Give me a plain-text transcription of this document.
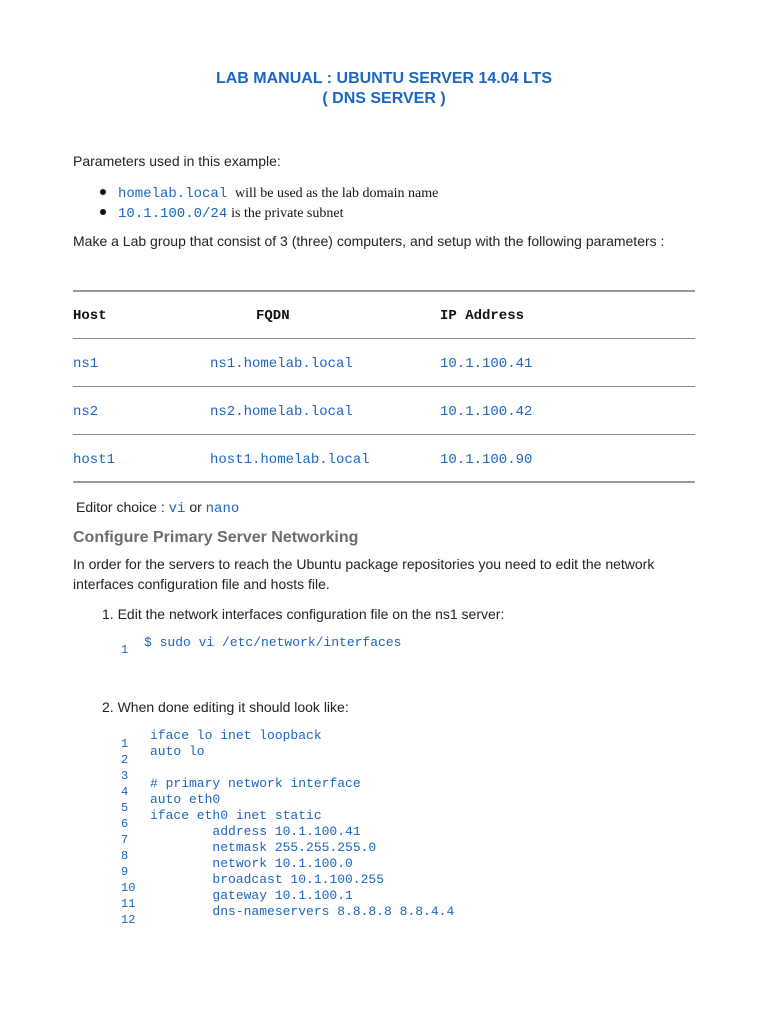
LAB MANUAL : UBUNTU SERVER 14.04 LTS
( DNS SERVER )
Parameters used in this example:
homelab.local will be used as the lab domain name
10.1.100.0/24 is the private subnet
Make a Lab group that consist of 3 (three) computers, and setup with the following parameters :
Host	FQDN	IP Address
ns1	ns1.homelab.local	10.1.100.41
ns2	ns2.homelab.local	10.1.100.42
host1	host1.homelab.local	10.1.100.90
Editor choice : vi or nano
Configure Primary Server Networking
In order for the servers to reach the Ubuntu package repositories you need to edit the network interfaces configuration file and hosts file.
1. Edit the network interfaces configuration file on the ns1 server:
1 $ sudo vi /etc/network/interfaces
2. When done editing it should look like:
1
2
3
4
5
6
7
8
9
10
11
12
iface lo inet loopback
auto lo
# primary network interface
auto eth0
iface eth0 inet static
address 10.1.100.41
netmask 255.255.255.0
network 10.1.100.0
broadcast 10.1.100.255
gateway 10.1.100.1
dns-nameservers 8.8.8.8 8.8.4.4
